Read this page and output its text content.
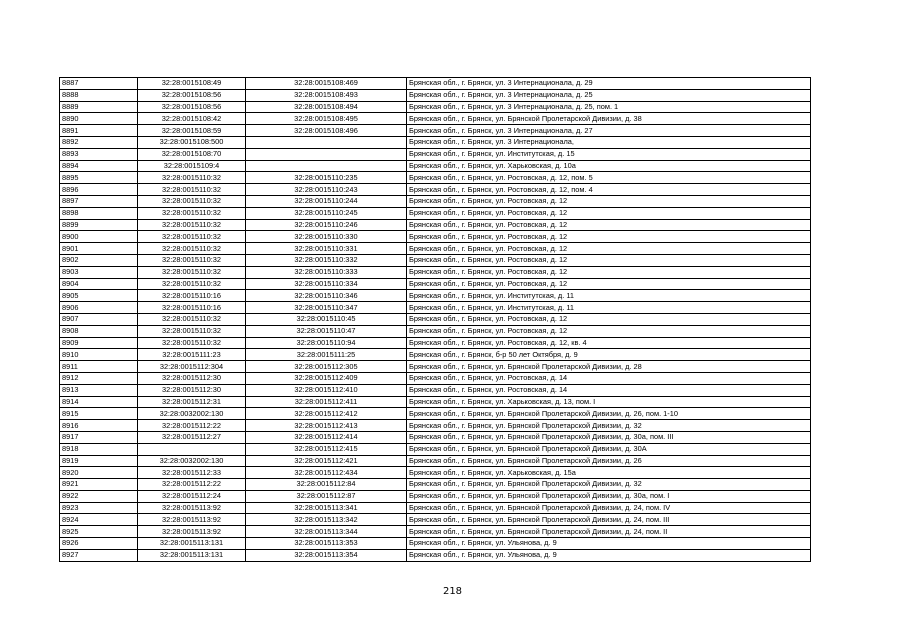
8887	32:28:0015108:49	32:28:0015108:469	Брянская обл., г. Брянск, ул. 3 Интернационала, д. 29
8888	32:28:0015108:56	32:28:0015108:493	Брянская обл., г. Брянск, ул. 3 Интернационала, д. 25
8889	32:28:0015108:56	32:28:0015108:494	Брянская обл., г. Брянск, ул. 3 Интернационала, д. 25, пом. 1
8890	32:28:0015108:42	32:28:0015108:495	Брянская обл., г. Брянск, ул. Брянской Пролетарской Дивизии, д. 38
8891	32:28:0015108:59	32:28:0015108:496	Брянская обл., г. Брянск, ул. 3 Интернационала, д. 27
8892	32:28:0015108:500		Брянская обл., г. Брянск, ул. 3 Интернационала,
8893	32:28:0015108:70		Брянская обл., г. Брянск, ул. Институтская, д. 15
8894	32:28:0015109:4		Брянская обл., г. Брянск, ул. Харьковская, д. 10а
8895	32:28:0015110:32	32:28:0015110:235	Брянская обл., г. Брянск, ул. Ростовская, д. 12, пом. 5
8896	32:28:0015110:32	32:28:0015110:243	Брянская обл., г. Брянск, ул. Ростовская, д. 12, пом. 4
8897	32:28:0015110:32	32:28:0015110:244	Брянская обл., г. Брянск, ул. Ростовская, д. 12
8898	32:28:0015110:32	32:28:0015110:245	Брянская обл., г. Брянск, ул. Ростовская, д. 12
8899	32:28:0015110:32	32:28:0015110:246	Брянская обл., г. Брянск, ул. Ростовская, д. 12
8900	32:28:0015110:32	32:28:0015110:330	Брянская обл., г. Брянск, ул. Ростовская, д. 12
8901	32:28:0015110:32	32:28:0015110:331	Брянская обл., г. Брянск, ул. Ростовская, д. 12
8902	32:28:0015110:32	32:28:0015110:332	Брянская обл., г. Брянск, ул. Ростовская, д. 12
8903	32:28:0015110:32	32:28:0015110:333	Брянская обл., г. Брянск, ул. Ростовская, д. 12
8904	32:28:0015110:32	32:28:0015110:334	Брянская обл., г. Брянск, ул. Ростовская, д. 12
8905	32:28:0015110:16	32:28:0015110:346	Брянская обл., г. Брянск, ул. Институтская, д. 11
8906	32:28:0015110:16	32:28:0015110:347	Брянская обл., г. Брянск, ул. Институтская, д. 11
8907	32:28:0015110:32	32:28:0015110:45	Брянская обл., г. Брянск, ул. Ростовская, д. 12
8908	32:28:0015110:32	32:28:0015110:47	Брянская обл., г. Брянск, ул. Ростовская, д. 12
8909	32:28:0015110:32	32:28:0015110:94	Брянская обл., г. Брянск, ул. Ростовская, д. 12, кв. 4
8910	32:28:0015111:23	32:28:0015111:25	Брянская обл., г. Брянск, б-р 50 лет Октября, д. 9
8911	32:28:0015112:304	32:28:0015112:305	Брянская обл., г. Брянск, ул. Брянской Пролетарской Дивизии, д. 28
8912	32:28:0015112:30	32:28:0015112:409	Брянская обл., г. Брянск, ул. Ростовская, д. 14
8913	32:28:0015112:30	32:28:0015112:410	Брянская обл., г. Брянск, ул. Ростовская, д. 14
8914	32:28:0015112:31	32:28:0015112:411	Брянская обл., г. Брянск, ул. Харьковская, д. 13, пом. I
8915	32:28:0032002:130	32:28:0015112:412	Брянская обл., г. Брянск, ул. Брянской Пролетарской Дивизии, д. 26, пом. 1-10
8916	32:28:0015112:22	32:28:0015112:413	Брянская обл., г. Брянск, ул. Брянской Пролетарской Дивизии, д. 32
8917	32:28:0015112:27	32:28:0015112:414	Брянская обл., г. Брянск, ул. Брянской Пролетарской Дивизии, д. 30а, пом. III
8918		32:28:0015112:415	Брянская обл., г. Брянск, ул. Брянской Пролетарской Дивизии, д. 30А
8919	32:28:0032002:130	32:28:0015112:421	Брянская обл., г. Брянск, ул. Брянской Пролетарской Дивизии, д. 26
8920	32:28:0015112:33	32:28:0015112:434	Брянская обл., г. Брянск, ул. Харьковская, д. 15а
8921	32:28:0015112:22	32:28:0015112:84	Брянская обл., г. Брянск, ул. Брянской Пролетарской Дивизии, д. 32
8922	32:28:0015112:24	32:28:0015112:87	Брянская обл., г. Брянск, ул. Брянской Пролетарской Дивизии, д. 30а, пом. I
8923	32:28:0015113:92	32:28:0015113:341	Брянская обл., г. Брянск, ул. Брянской Пролетарской Дивизии, д. 24, пом. IV
8924	32:28:0015113:92	32:28:0015113:342	Брянская обл., г. Брянск, ул. Брянской Пролетарской Дивизии, д. 24, пом. III
8925	32:28:0015113:92	32:28:0015113:344	Брянская обл., г. Брянск, ул. Брянской Пролетарской Дивизии, д. 24, пом. II
8926	32:28:0015113:131	32:28:0015113:353	Брянская обл., г. Брянск, ул. Ульянова, д. 9
8927	32:28:0015113:131	32:28:0015113:354	Брянская обл., г. Брянск, ул. Ульянова, д. 9
218
